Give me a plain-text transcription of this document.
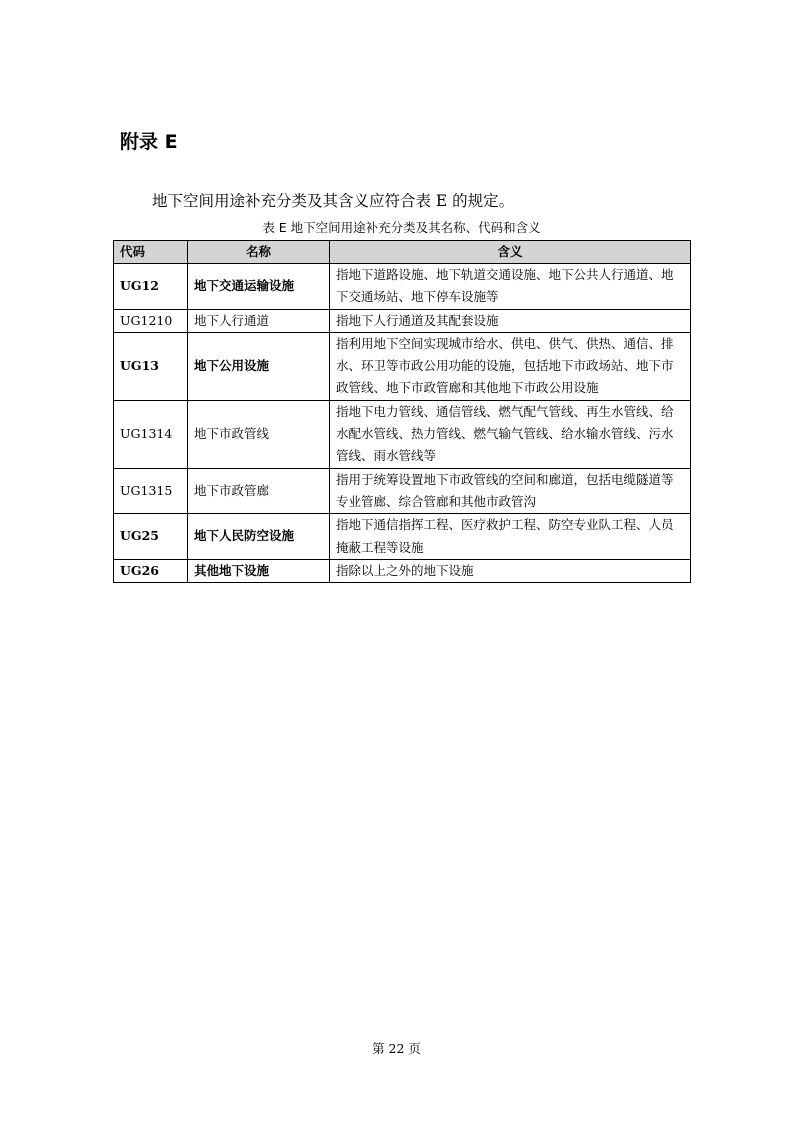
附录 E

地下空间用途补充分类及其含义应符合表 E 的规定。

表 E 地下空间用途补充分类及其名称、代码和含义
代码	名称	含义
UG12	地下交通运输设施	指地下道路设施、地下轨道交通设施、地下公共人行通道、地下交通场站、地下停车设施等
UG1210	地下人行通道	指地下人行通道及其配套设施
UG13	地下公用设施	指利用地下空间实现城市给水、供电、供气、供热、通信、排水、环卫等市政公用功能的设施，包括地下市政场站、地下市政管线、地下市政管廊和其他地下市政公用设施
UG1314	地下市政管线	指地下电力管线、通信管线、燃气配气管线、再生水管线、给水配水管线、热力管线、燃气输气管线、给水输水管线、污水管线、雨水管线等
UG1315	地下市政管廊	指用于统筹设置地下市政管线的空间和廊道，包括电缆隧道等专业管廊、综合管廊和其他市政管沟
UG25	地下人民防空设施	指地下通信指挥工程、医疗救护工程、防空专业队工程、人员掩蔽工程等设施
UG26	其他地下设施	指除以上之外的地下设施
第 22 页
